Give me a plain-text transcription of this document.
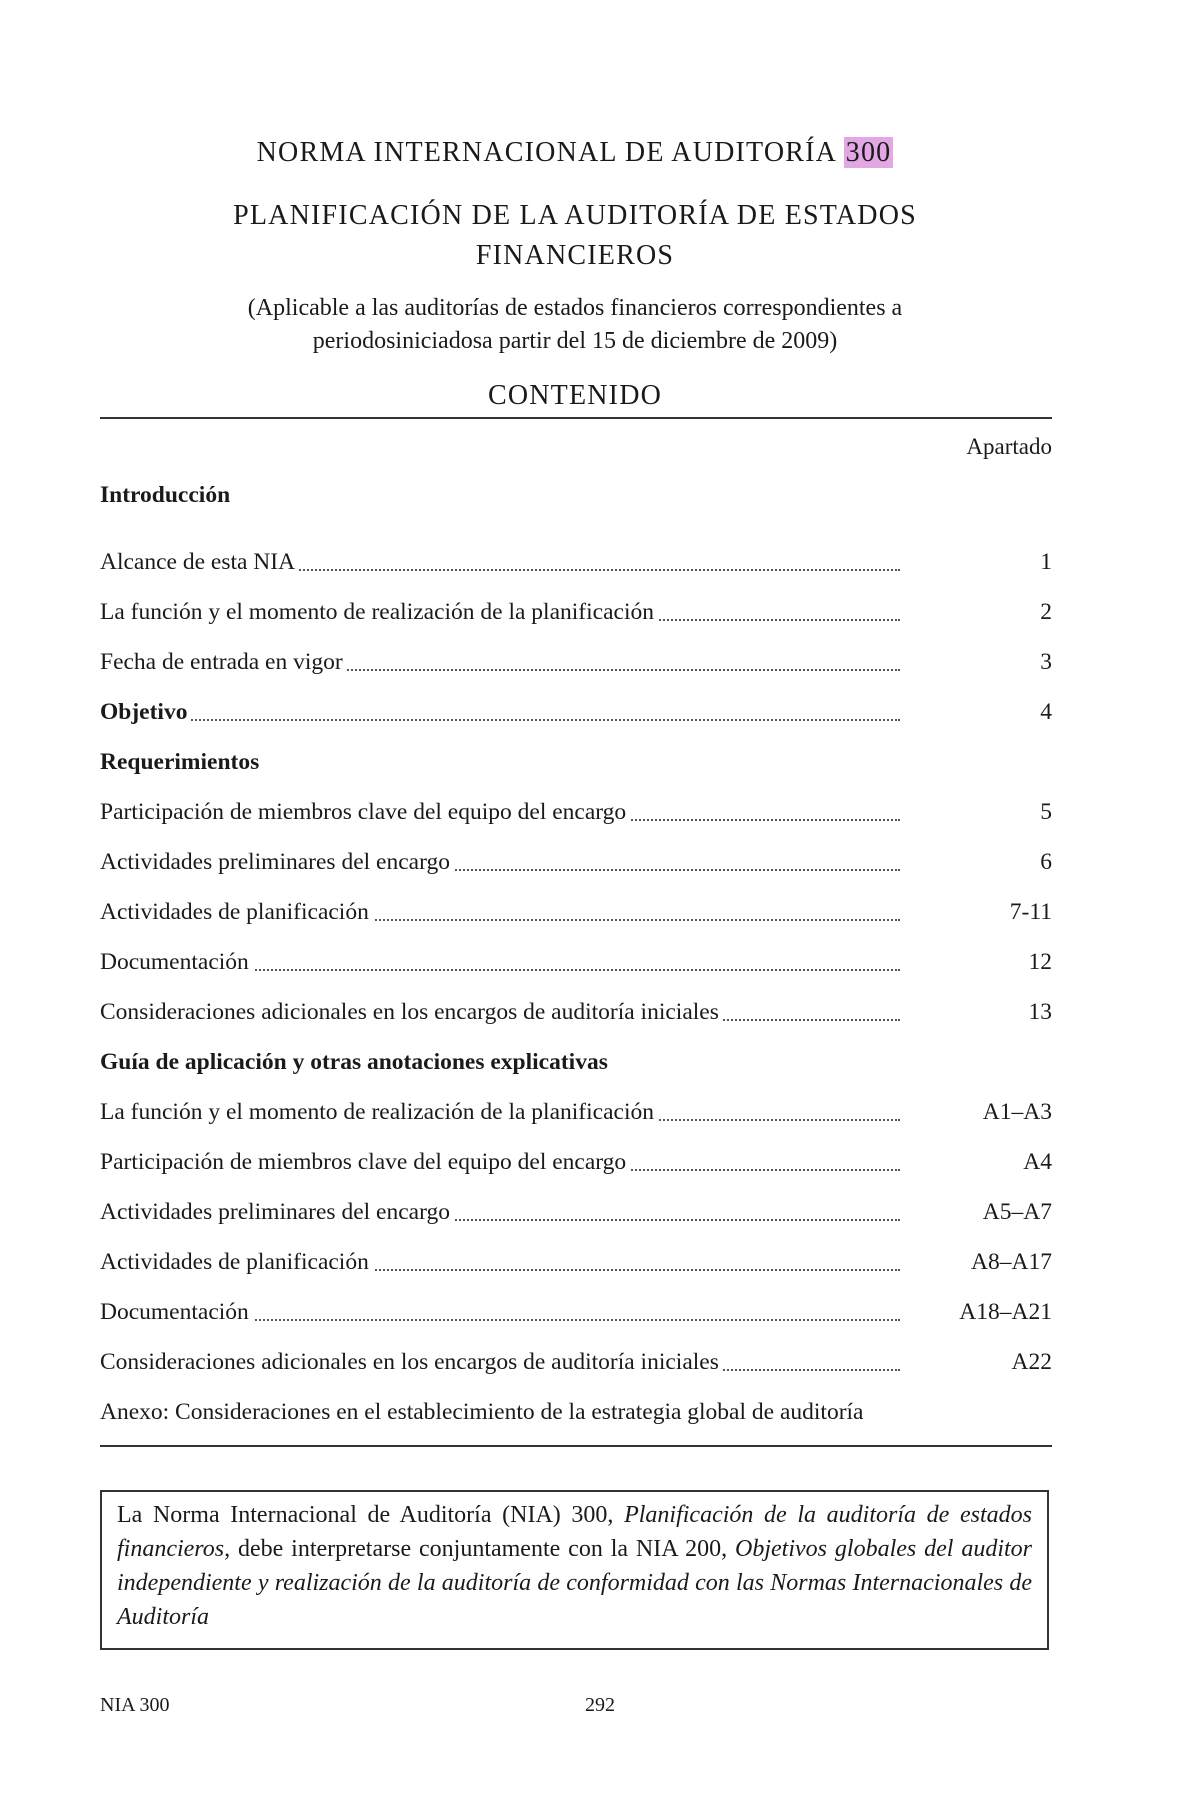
NORMA INTERNACIONAL DE AUDITORÍA 300
PLANIFICACIÓN DE LA AUDITORÍA DE ESTADOS
FINANCIEROS
(Aplicable a las auditorías de estados financieros correspondientes a
periodosiniciadosa partir del 15 de diciembre de 2009)
CONTENIDO
Apartado
Introducción
Alcance de esta NIA	1
La función y el momento de realización de la planificación	2
Fecha de entrada en vigor	3
Objetivo	4
Requerimientos
Participación de miembros clave del equipo del encargo	5
Actividades preliminares del encargo	6
Actividades de planificación	7-11
Documentación	12
Consideraciones adicionales en los encargos de auditoría iniciales	13
Guía de aplicación y otras anotaciones explicativas
La función y el momento de realización de la planificación	A1–A3
Participación de miembros clave del equipo del encargo	A4
Actividades preliminares del encargo	A5–A7
Actividades de planificación	A8–A17
Documentación	A18–A21
Consideraciones adicionales en los encargos de auditoría iniciales	A22
Anexo: Consideraciones en el establecimiento de la estrategia global de auditoría
La Norma Internacional de Auditoría (NIA) 300, Planificación de la auditoría de estados financieros, debe interpretarse conjuntamente con la NIA 200, Objetivos globales del auditor independiente y realización de la auditoría de conformidad con las Normas Internacionales de Auditoría
NIA 300	292
